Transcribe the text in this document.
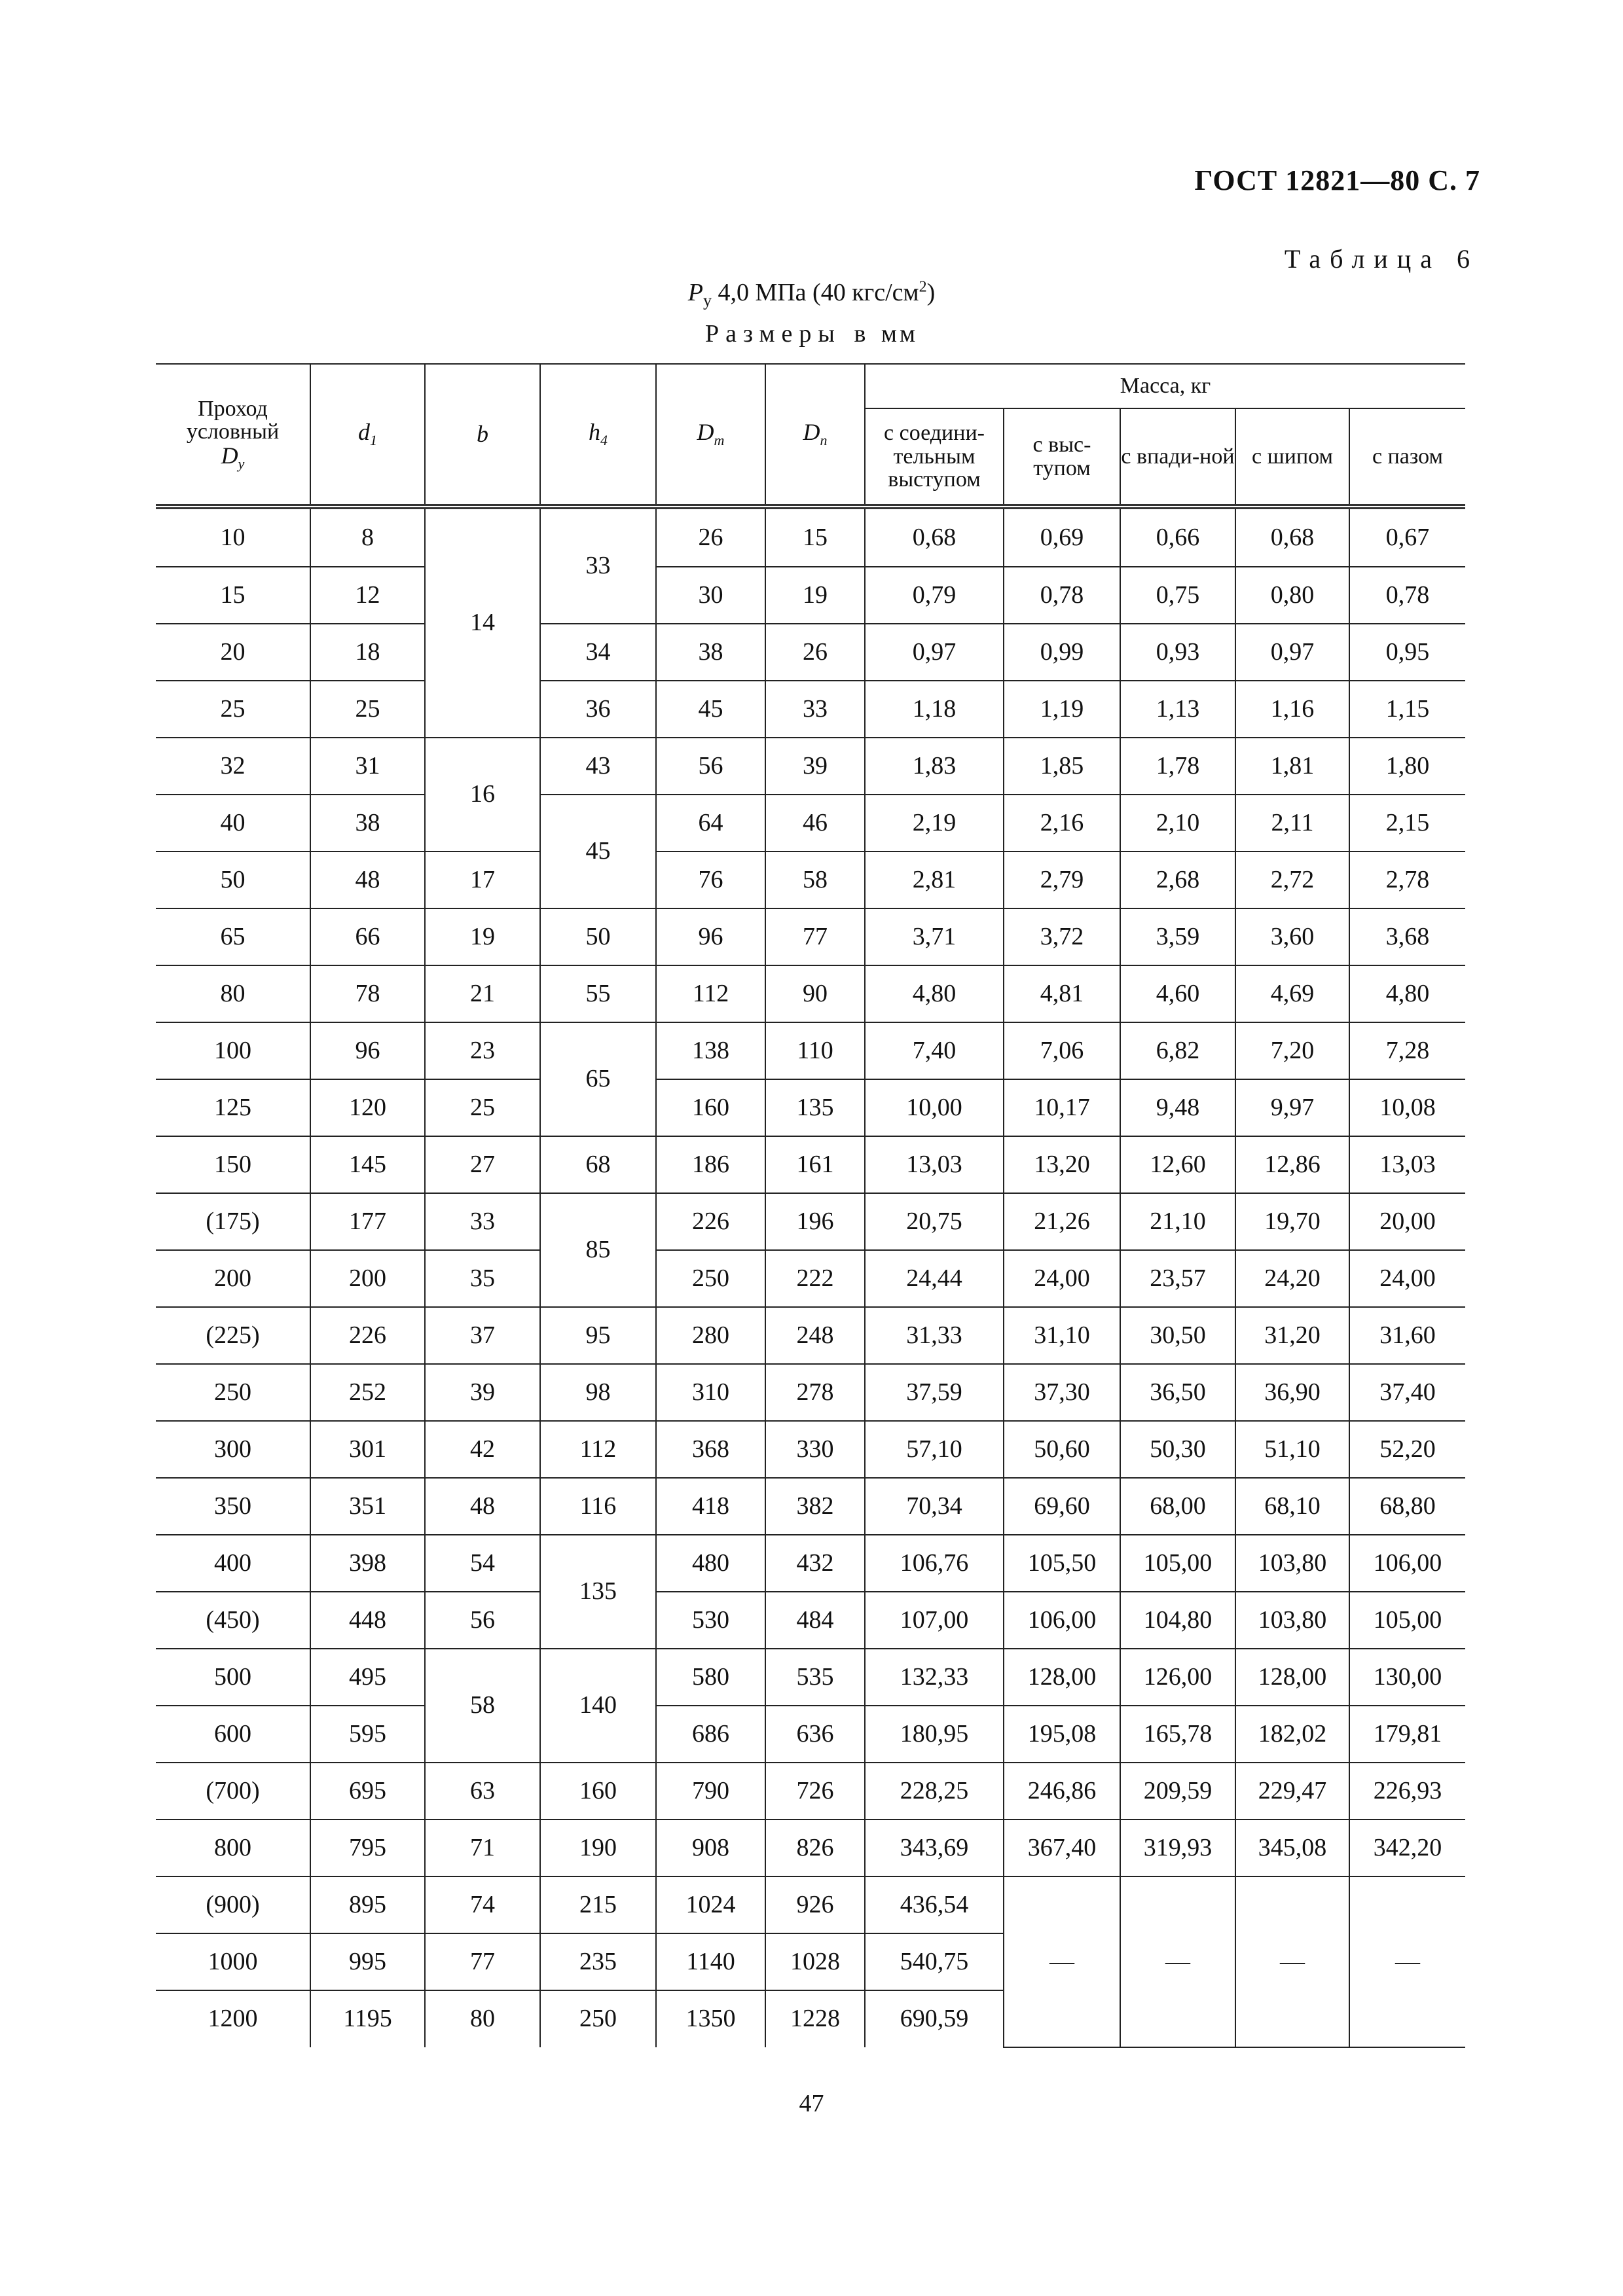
ГОСТ 12821—80 С. 7
Таблица 6
$P_у$ 4,0 МПа (40 кгс/$см^2$)
Размеры в мм
Проход условный
$D_y$	$d_1$	b	$h_4$	$D_m$	$D_n$	Масса, кг				
						с соедини-тельным выступом	с выс-тупом	с впади-ной	с шипом	с пазом
10	8	14	33	26	15	0,68	0,69	0,66	0,68	0,67
15	12			30	19	0,79	0,78	0,75	0,80	0,78
20	18		34	38	26	0,97	0,99	0,93	0,97	0,95
25	25		36	45	33	1,18	1,19	1,13	1,16	1,15
32	31	16	43	56	39	1,83	1,85	1,78	1,81	1,80
40	38		45	64	46	2,19	2,16	2,10	2,11	2,15
50	48	17		76	58	2,81	2,79	2,68	2,72	2,78
65	66	19	50	96	77	3,71	3,72	3,59	3,60	3,68
80	78	21	55	112	90	4,80	4,81	4,60	4,69	4,80
100	96	23	65	138	110	7,40	7,06	6,82	7,20	7,28
125	120	25		160	135	10,00	10,17	9,48	9,97	10,08
150	145	27	68	186	161	13,03	13,20	12,60	12,86	13,03
(175)	177	33	85	226	196	20,75	21,26	21,10	19,70	20,00
200	200	35		250	222	24,44	24,00	23,57	24,20	24,00
(225)	226	37	95	280	248	31,33	31,10	30,50	31,20	31,60
250	252	39	98	310	278	37,59	37,30	36,50	36,90	37,40
300	301	42	112	368	330	57,10	50,60	50,30	51,10	52,20
350	351	48	116	418	382	70,34	69,60	68,00	68,10	68,80
400	398	54	135	480	432	106,76	105,50	105,00	103,80	106,00
(450)	448	56		530	484	107,00	106,00	104,80	103,80	105,00
500	495	58	140	580	535	132,33	128,00	126,00	128,00	130,00
600	595			686	636	180,95	195,08	165,78	182,02	179,81
(700)	695	63	160	790	726	228,25	246,86	209,59	229,47	226,93
800	795	71	190	908	826	343,69	367,40	319,93	345,08	342,20
(900)	895	74	215	1024	926	436,54	—	—	—	—
1000	995	77	235	1140	1028	540,75				
1200	1195	80	250	1350	1228	690,59				
47
